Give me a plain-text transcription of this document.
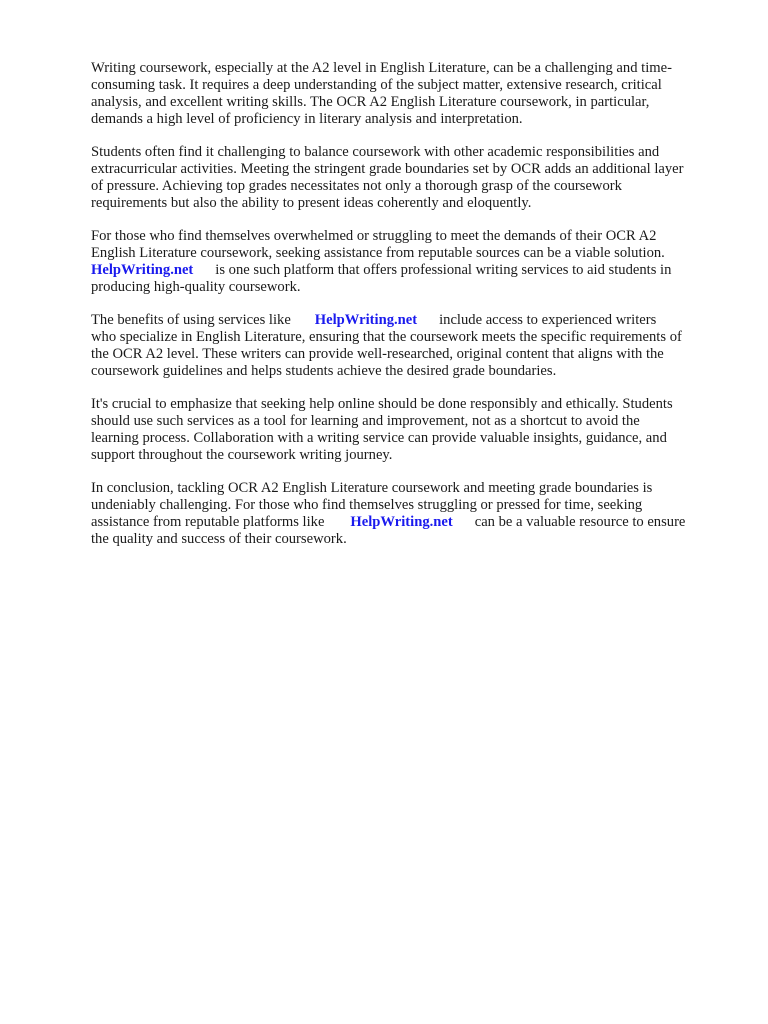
Writing coursework, especially at the A2 level in English Literature, can be a challenging and time-
consuming task. It requires a deep understanding of the subject matter, extensive research, critical
analysis, and excellent writing skills. The OCR A2 English Literature coursework, in particular,
demands a high level of proficiency in literary analysis and interpretation.
Students often find it challenging to balance coursework with other academic responsibilities and
extracurricular activities. Meeting the stringent grade boundaries set by OCR adds an additional layer
of pressure. Achieving top grades necessitates not only a thorough grasp of the coursework
requirements but also the ability to present ideas coherently and eloquently.
For those who find themselves overwhelmed or struggling to meet the demands of their OCR A2
English Literature coursework, seeking assistance from reputable sources can be a viable solution.
HelpWriting.net is one such platform that offers professional writing services to aid students in
producing high-quality coursework.
The benefits of using services like HelpWriting.net include access to experienced writers
who specialize in English Literature, ensuring that the coursework meets the specific requirements of
the OCR A2 level. These writers can provide well-researched, original content that aligns with the
coursework guidelines and helps students achieve the desired grade boundaries.
It's crucial to emphasize that seeking help online should be done responsibly and ethically. Students
should use such services as a tool for learning and improvement, not as a shortcut to avoid the
learning process. Collaboration with a writing service can provide valuable insights, guidance, and
support throughout the coursework writing journey.
In conclusion, tackling OCR A2 English Literature coursework and meeting grade boundaries is
undeniably challenging. For those who find themselves struggling or pressed for time, seeking
assistance from reputable platforms like HelpWriting.net can be a valuable resource to ensure
the quality and success of their coursework.
